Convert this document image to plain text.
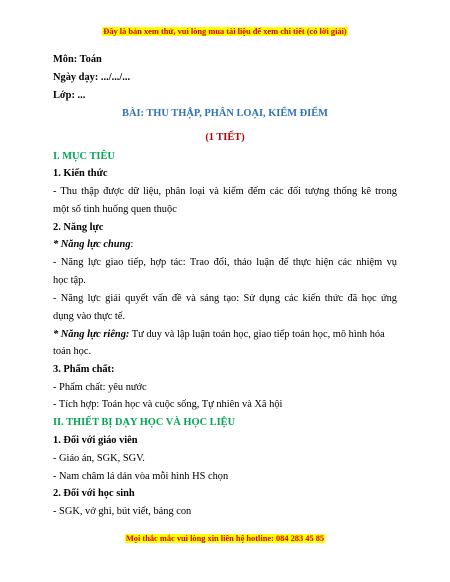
Đây là bản xem thử, vui lòng mua tài liệu để xem chi tiết (có lời giải)
Môn: Toán
Ngày dạy: .../.../...
Lớp: ...
BÀI: THU THẬP, PHÂN LOẠI, KIỂM ĐIỂM
(1 TIẾT)
I. MỤC TIÊU
1. Kiến thức
- Thu thập được dữ liệu, phân loại và kiểm đếm các đối tượng thống kê trong
một số tình huống quen thuộc
2. Năng lực
* Năng lực chung:
- Năng lực giao tiếp, hợp tác: Trao đổi, thảo luận để thực hiện các nhiệm vụ
học tập.
- Năng lực giải quyết vấn đề và sáng tạo: Sử dụng các kiến thức đã học ứng
dụng vào thực tế.
* Năng lực riêng: Tư duy và lập luận toán học, giao tiếp toán học, mô hình hóa
toán học.
3. Phẩm chất:
- Phẩm chất: yêu nước
- Tích hợp: Toán học và cuộc sống, Tự nhiên và Xã hội
II. THIẾT BỊ DẠY HỌC VÀ HỌC LIỆU
1. Đối với giáo viên
- Giáo án, SGK, SGV.
- Nam châm lá dán vòa mỗi hình HS chọn
2. Đối với học sinh
- SGK, vở ghi, bút viết, bảng con
Mọi thắc mắc vui lòng xin liên hệ hotline: 084 283 45 85
